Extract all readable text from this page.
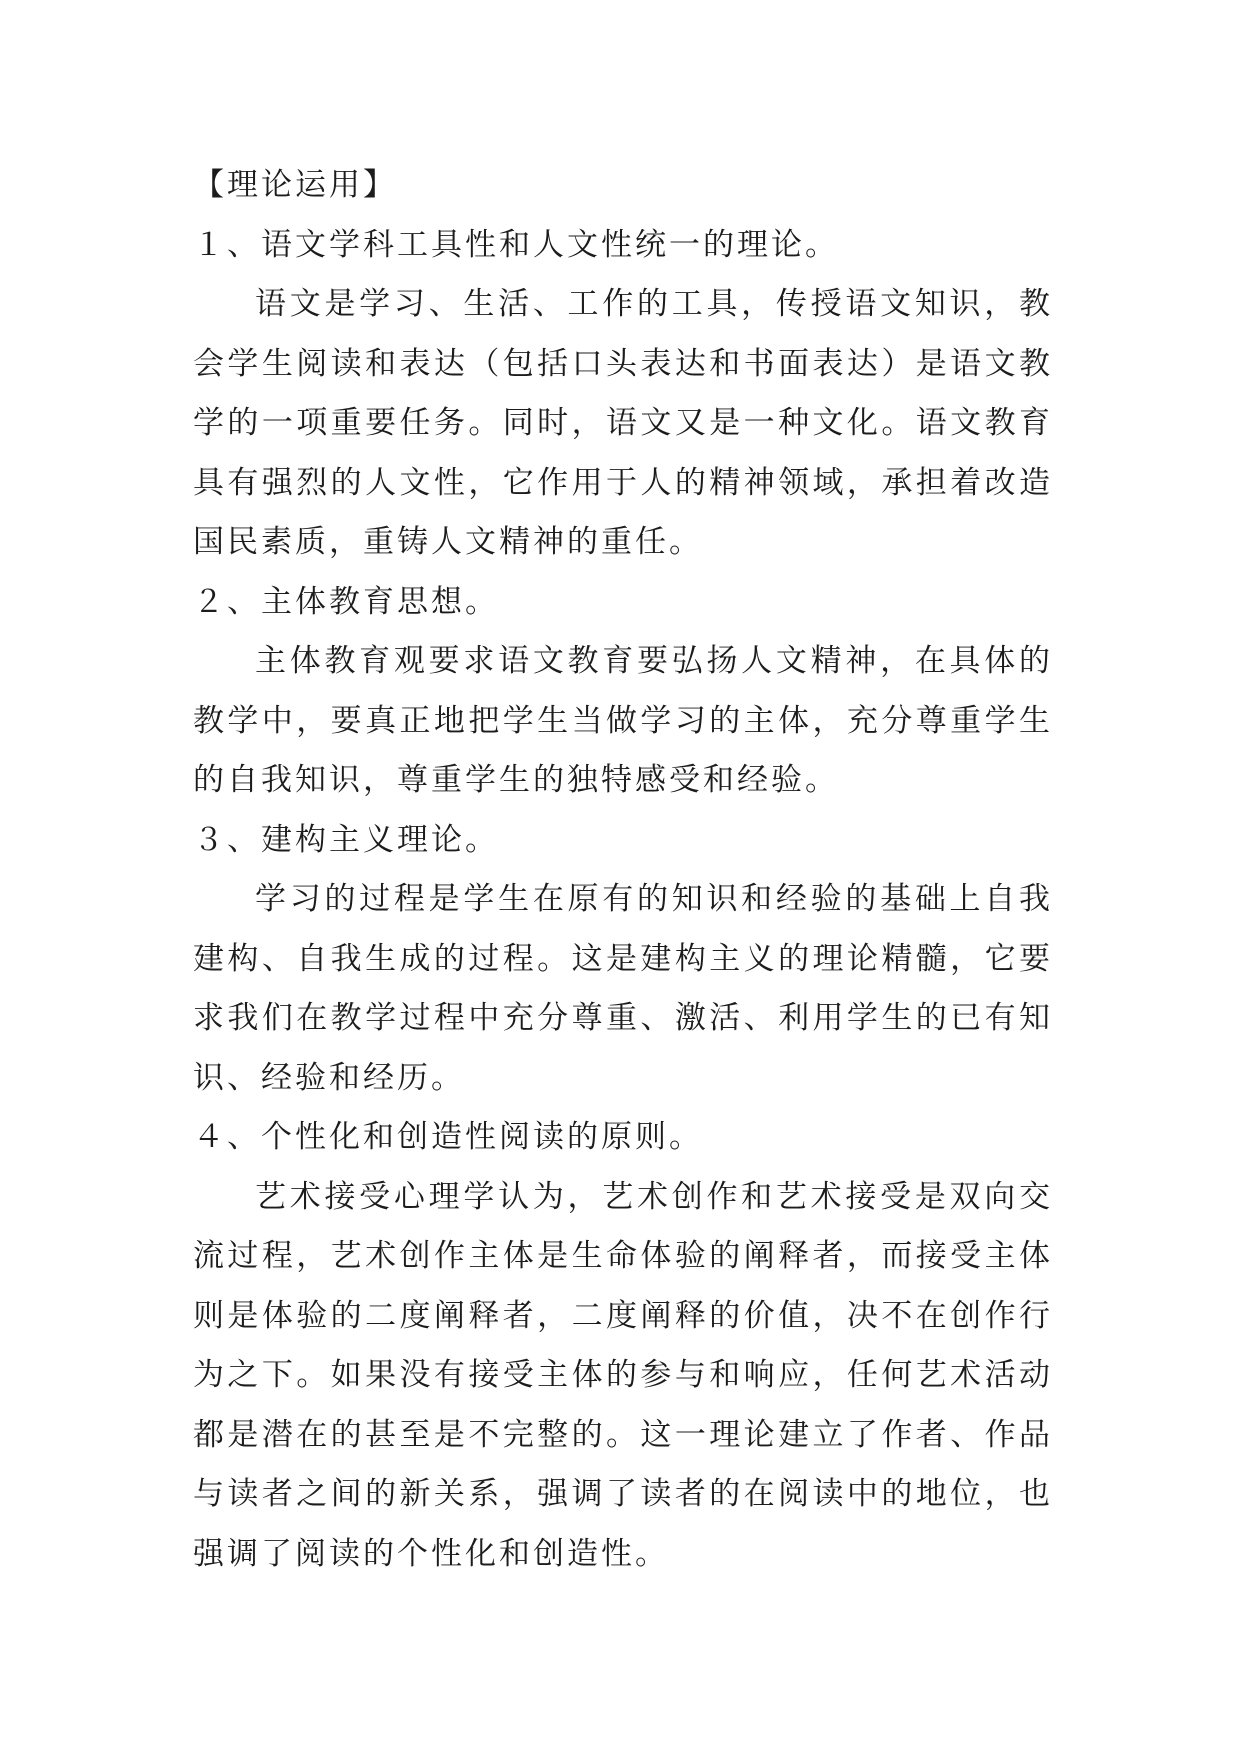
【理论运用】

１、语文学科工具性和人文性统一的理论。

语文是学习、生活、工作的工具，传授语文知识，教会学生阅读和表达（包括口头表达和书面表达）是语文教学的一项重要任务。同时，语文又是一种文化。语文教育具有强烈的人文性，它作用于人的精神领域，承担着改造国民素质，重铸人文精神的重任。

２、主体教育思想。

主体教育观要求语文教育要弘扬人文精神，在具体的教学中，要真正地把学生当做学习的主体，充分尊重学生的自我知识，尊重学生的独特感受和经验。

３、建构主义理论。

学习的过程是学生在原有的知识和经验的基础上自我建构、自我生成的过程。这是建构主义的理论精髓，它要求我们在教学过程中充分尊重、激活、利用学生的已有知识、经验和经历。

４、个性化和创造性阅读的原则。

艺术接受心理学认为，艺术创作和艺术接受是双向交流过程，艺术创作主体是生命体验的阐释者，而接受主体则是体验的二度阐释者，二度阐释的价值，决不在创作行为之下。如果没有接受主体的参与和响应，任何艺术活动都是潜在的甚至是不完整的。这一理论建立了作者、作品与读者之间的新关系，强调了读者的在阅读中的地位，也强调了阅读的个性化和创造性。
